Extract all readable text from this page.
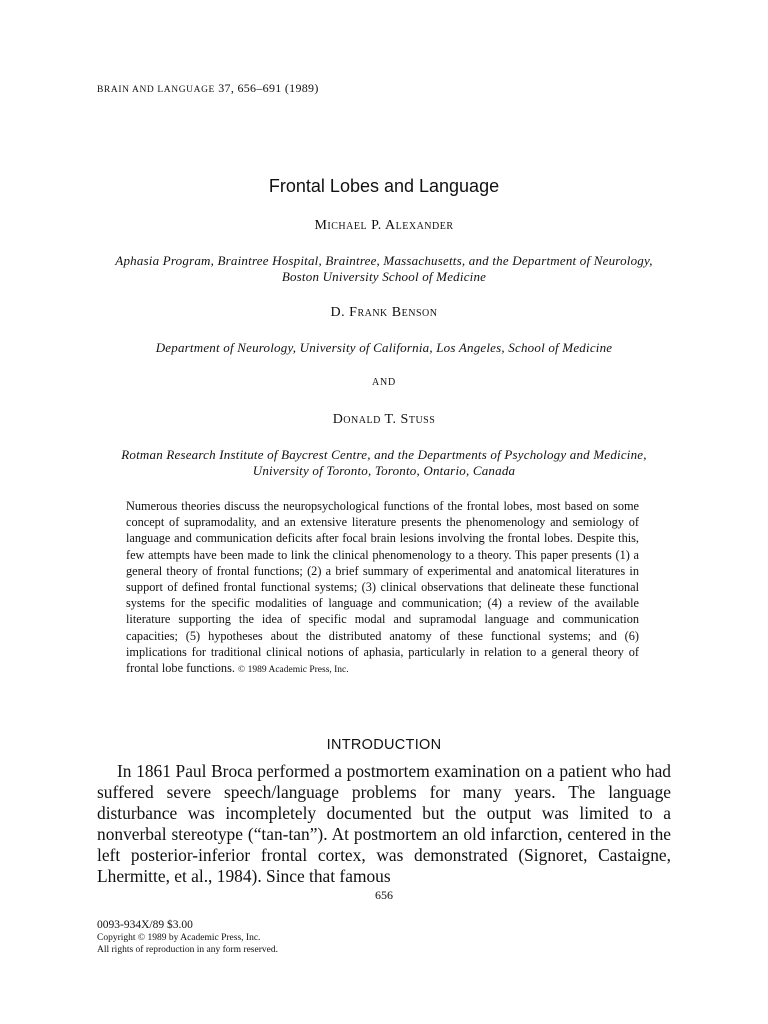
BRAIN AND LANGUAGE 37, 656–691 (1989)
Frontal Lobes and Language
Michael P. Alexander
Aphasia Program, Braintree Hospital, Braintree, Massachusetts, and the Department of Neurology, Boston University School of Medicine
D. Frank Benson
Department of Neurology, University of California, Los Angeles, School of Medicine
AND
Donald T. Stuss
Rotman Research Institute of Baycrest Centre, and the Departments of Psychology and Medicine, University of Toronto, Toronto, Ontario, Canada
Numerous theories discuss the neuropsychological functions of the frontal lobes, most based on some concept of supramodality, and an extensive literature presents the phenomenology and semiology of language and communication deficits after focal brain lesions involving the frontal lobes. Despite this, few attempts have been made to link the clinical phenomenology to a theory. This paper presents (1) a general theory of frontal functions; (2) a brief summary of experimental and anatomical literatures in support of defined frontal functional systems; (3) clinical observations that delineate these functional systems for the specific modalities of language and communication; (4) a review of the available literature supporting the idea of specific modal and supramodal language and communication capacities; (5) hypotheses about the distributed anatomy of these functional systems; and (6) implications for traditional clinical notions of aphasia, particularly in relation to a general theory of frontal lobe functions. © 1989 Academic Press, Inc.
INTRODUCTION
In 1861 Paul Broca performed a postmortem examination on a patient who had suffered severe speech/language problems for many years. The language disturbance was incompletely documented but the output was limited to a nonverbal stereotype (“tan-tan”). At postmortem an old infarction, centered in the left posterior-inferior frontal cortex, was demonstrated (Signoret, Castaigne, Lhermitte, et al., 1984). Since that famous
656
0093-934X/89 $3.00
Copyright © 1989 by Academic Press, Inc.
All rights of reproduction in any form reserved.
